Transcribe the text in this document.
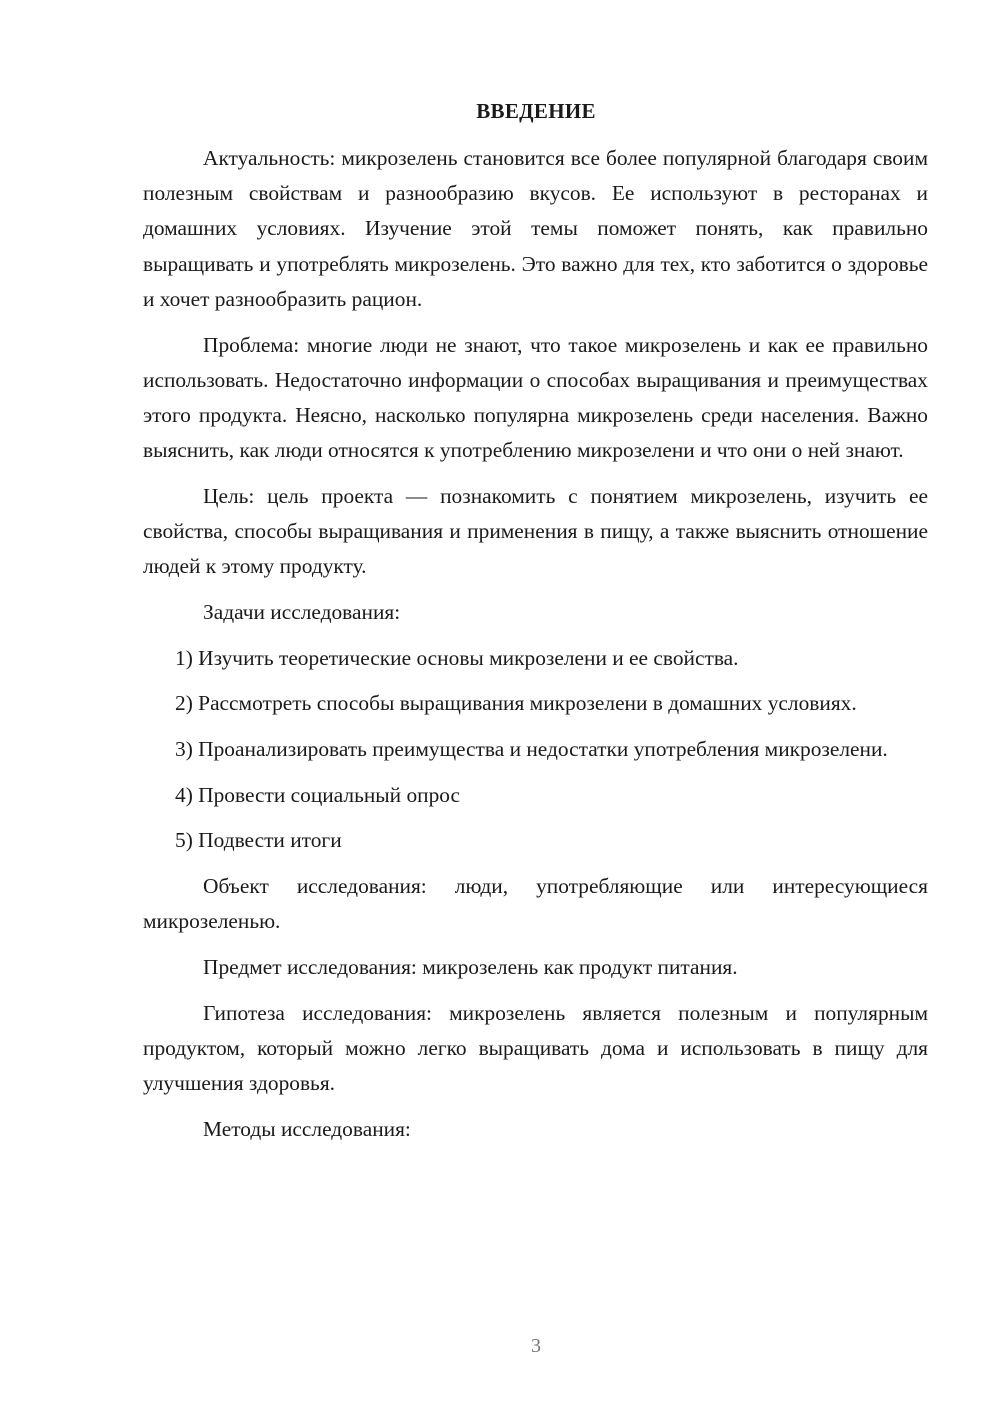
ВВЕДЕНИЕ

Актуальность: микрозелень становится все более популярной благодаря своим полезным свойствам и разнообразию вкусов. Ее используют в ресторанах и домашних условиях. Изучение этой темы поможет понять, как правильно выращивать и употреблять микрозелень. Это важно для тех, кто заботится о здоровье и хочет разнообразить рацион.

Проблема: многие люди не знают, что такое микрозелень и как ее правильно использовать. Недостаточно информации о способах выращивания и преимуществах этого продукта. Неясно, насколько популярна микрозелень среди населения. Важно выяснить, как люди относятся к употреблению микрозелени и что они о ней знают.

Цель: цель проекта — познакомить с понятием микрозелень, изучить ее свойства, способы выращивания и применения в пищу, а также выяснить отношение людей к этому продукту.

Задачи исследования:

1) Изучить теоретические основы микрозелени и ее свойства.

2) Рассмотреть способы выращивания микрозелени в домашних условиях.

3) Проанализировать преимущества и недостатки употребления микрозелени.

4) Провести социальный опрос

5) Подвести итоги

Объект исследования: люди, употребляющие или интересующиеся микрозеленью.

Предмет исследования: микрозелень как продукт питания.

Гипотеза исследования: микрозелень является полезным и популярным продуктом, который можно легко выращивать дома и использовать в пищу для улучшения здоровья.

Методы исследования:

3
